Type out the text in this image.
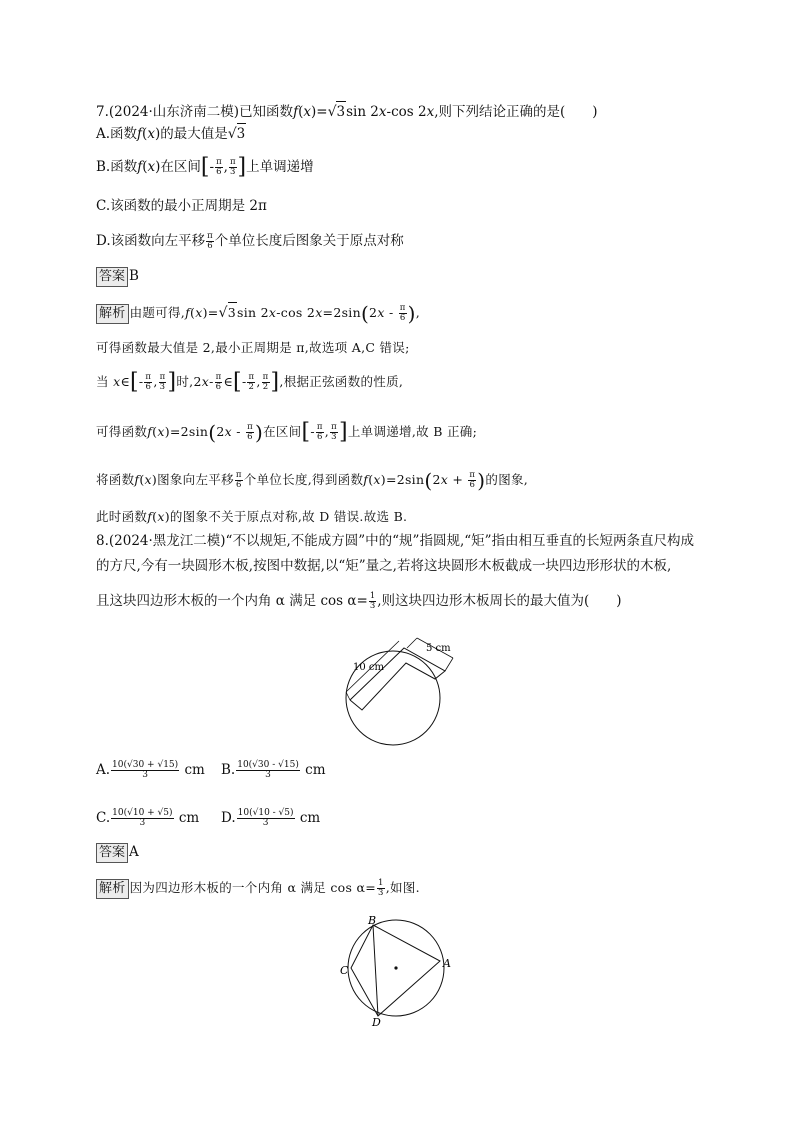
7.(2024·山东济南二模)已知函数f(x)=√3sin 2x-cos 2x,则下列结论正确的是(　　)
A.函数f(x)的最大值是√3
B.函数f(x)在区间[- $\frac{\pi}{6}$ , $\frac{\pi}{3}$ ]上单调递增
C.该函数的最小正周期是 2π
D.该函数向左平移 $\frac{\pi}{6}$ 个单位长度后图象关于原点对称
答案 B
解析 由题可得,f(x)=√3sin 2x-cos $2x=2\sin(2x - \frac{\pi}{6}$ ),
可得函数最大值是 2,最小正周期是 π,故选项 A,C 错误;
当 x∈[- $\frac{\pi}{6}$ , $\frac{\pi}{3}$ ]时$,2x- \frac{\pi}{6}$ ∈[- $\frac{\pi}{2}$ , $\frac{\pi}{2}$ ],根据正弦函数的性质,
可得函数$f(x)=2\sin(2x - \frac{\pi}{6}$ )在区间[- $\frac{\pi}{6}$ , $\frac{\pi}{3}$ ]上单调递增,故 B 正确;
将函数f(x)图象向左平移 $\frac{\pi}{6}$ 个单位长度,得到函数$f(x)=2\sin(2x + \frac{\pi}{6}$ )的图象,
此时函数f(x)的图象不关于原点对称,故 D 错误.故选 B.
8.(2024·黑龙江二模)“不以规矩,不能成方圆”中的“规”指圆规,“矩”指由相互垂直的长短两条直尺构成
的方尺,今有一块圆形木板,按图中数据,以“矩”量之,若将这块圆形木板截成一块四边形形状的木板,
且这块四边形木板的一个内角 α 满足 $\cos \alpha= \frac{1}{3}$ ,则这块四边形木板周长的最大值为(　　)
10 cm
5 cm
A. $\frac{10(√30 + √15)}{3}$ cm B. $\frac{10(√30 - √15)}{3}$ cm
C. $\frac{10(√10 + √5)}{3}$ cm D. $\frac{10(√10 - √5)}{3}$ cm
答案 A
解析 因为四边形木板的一个内角 α 满足 $\cos \alpha= \frac{1}{3}$ ,如图.
B
A
C
D
